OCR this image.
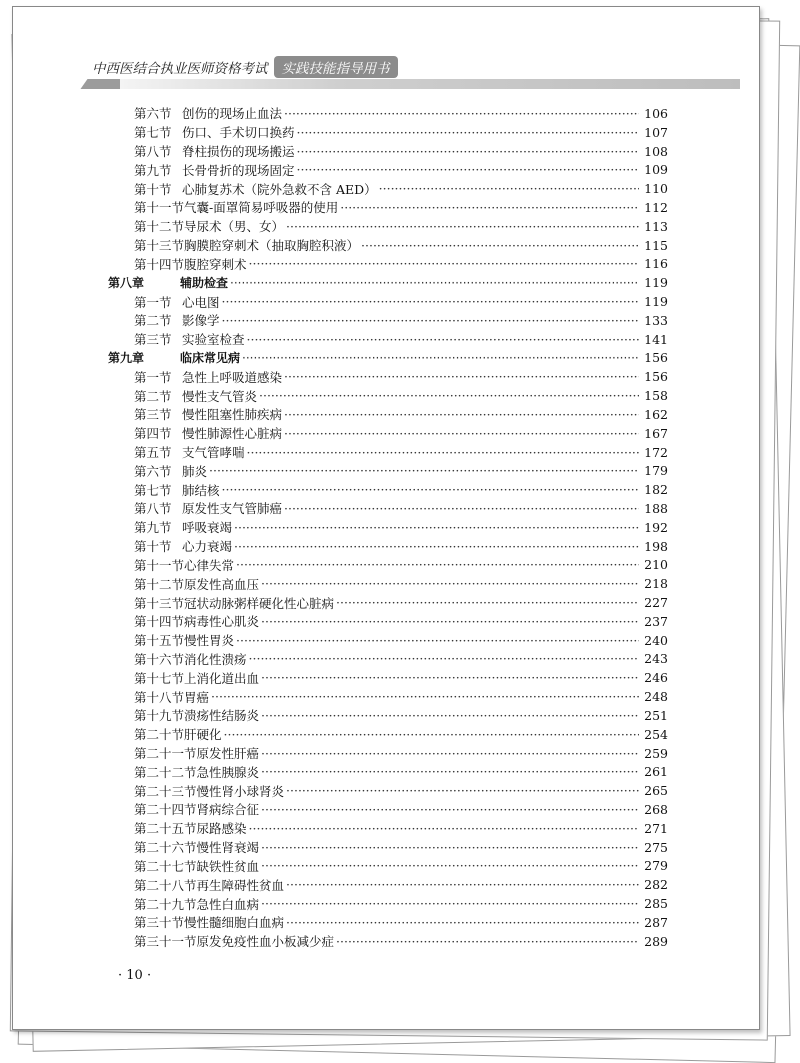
中西医结合执业医师资格考试	实践技能指导用书
第六节 创伤的现场止血法 ·····	106
第七节 伤口、手术切口换药 ·····	107
第八节 脊柱损伤的现场搬运 ·····	108
第九节 长骨骨折的现场固定 ·····	109
第十节 心肺复苏术（院外急救不含 AED） ·····	110
第十一节 气囊-面罩简易呼吸器的使用 ·····	112
第十二节 导尿术（男、女） ·····	113
第十三节 胸膜腔穿刺术（抽取胸腔积液） ·····	115
第十四节 腹腔穿刺术 ·····	116
第八章	辅助检查 ·····	119
第一节 心电图 ·····	119
第二节 影像学 ·····	133
第三节 实验室检查 ·····	141
第九章	临床常见病 ·····	156
第一节 急性上呼吸道感染 ·····	156
第二节 慢性支气管炎 ·····	158
第三节 慢性阻塞性肺疾病 ·····	162
第四节 慢性肺源性心脏病 ·····	167
第五节 支气管哮喘 ·····	172
第六节 肺炎 ·····	179
第七节 肺结核 ·····	182
第八节 原发性支气管肺癌 ·····	188
第九节 呼吸衰竭 ·····	192
第十节 心力衰竭 ·····	198
第十一节 心律失常 ·····	210
第十二节 原发性高血压 ·····	218
第十三节 冠状动脉粥样硬化性心脏病 ·····	227
第十四节 病毒性心肌炎 ·····	237
第十五节 慢性胃炎 ·····	240
第十六节 消化性溃疡 ·····	243
第十七节 上消化道出血 ·····	246
第十八节 胃癌 ·····	248
第十九节 溃疡性结肠炎 ·····	251
第二十节 肝硬化 ·····	254
第二十一节 原发性肝癌 ·····	259
第二十二节 急性胰腺炎 ·····	261
第二十三节 慢性肾小球肾炎 ·····	265
第二十四节 肾病综合征 ·····	268
第二十五节 尿路感染 ·····	271
第二十六节 慢性肾衰竭 ·····	275
第二十七节 缺铁性贫血 ·····	279
第二十八节 再生障碍性贫血 ·····	282
第二十九节 急性白血病 ·····	285
第三十节 慢性髓细胞白血病 ·····	287
第三十一节 原发免疫性血小板减少症 ·····	289
· 10 ·
